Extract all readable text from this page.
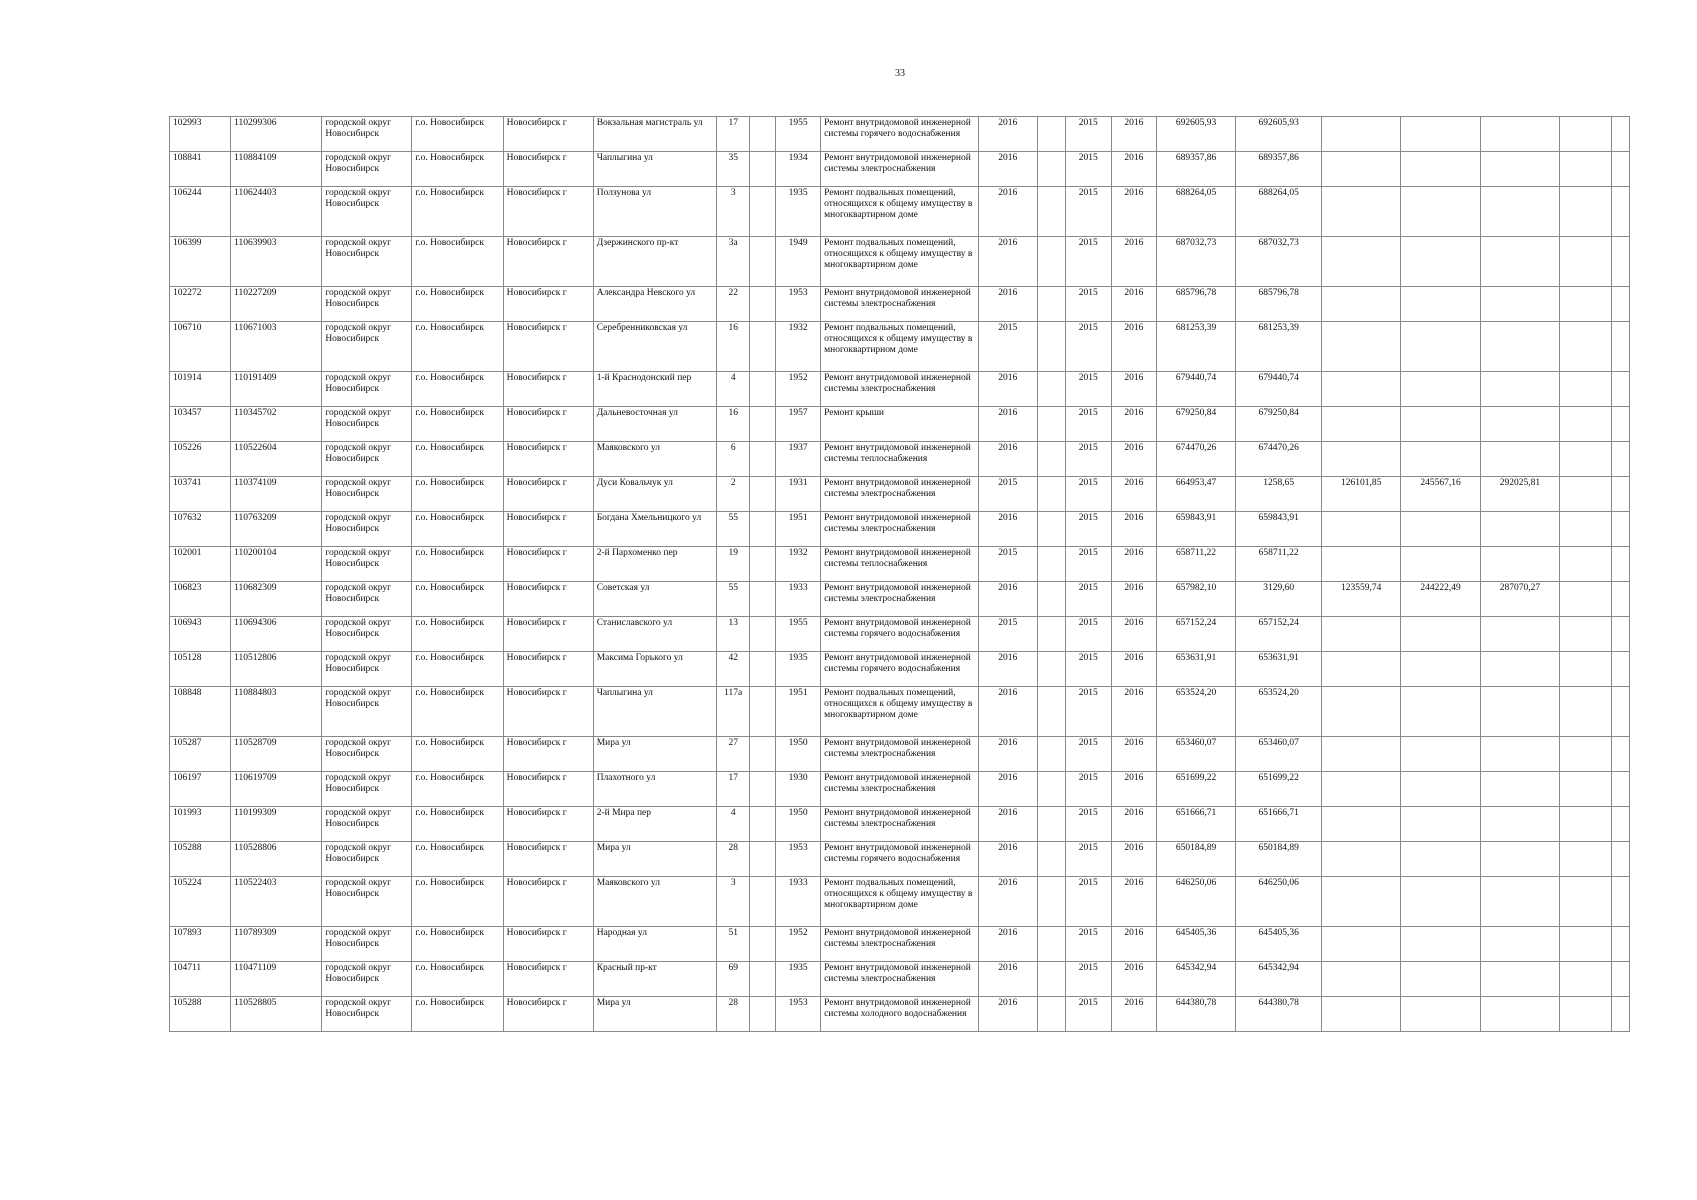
33
102993	110299306	городской округ Новосибирск	г.о. Новосибирск	Новосибирск г	Вокзальная магистраль ул	17		1955	Ремонт внутридомовой инженерной системы горячего водоснабжения	2016		2015	2016	692605,93	692605,93					
108841	110884109	городской округ Новосибирск	г.о. Новосибирск	Новосибирск г	Чаплыгина ул	35		1934	Ремонт внутридомовой инженерной системы электроснабжения	2016		2015	2016	689357,86	689357,86					
106244	110624403	городской округ Новосибирск	г.о. Новосибирск	Новосибирск г	Ползунова ул	3		1935	Ремонт подвальных помещений, относящихся к общему имуществу в многоквартирном доме	2016		2015	2016	688264,05	688264,05					
106399	110639903	городской округ Новосибирск	г.о. Новосибирск	Новосибирск г	Дзержинского пр-кт	3а		1949	Ремонт подвальных помещений, относящихся к общему имуществу в многоквартирном доме	2016		2015	2016	687032,73	687032,73					
102272	110227209	городской округ Новосибирск	г.о. Новосибирск	Новосибирск г	Александра Невского ул	22		1953	Ремонт внутридомовой инженерной системы электроснабжения	2016		2015	2016	685796,78	685796,78					
106710	110671003	городской округ Новосибирск	г.о. Новосибирск	Новосибирск г	Серебренниковская ул	16		1932	Ремонт подвальных помещений, относящихся к общему имуществу в многоквартирном доме	2015		2015	2016	681253,39	681253,39					
101914	110191409	городской округ Новосибирск	г.о. Новосибирск	Новосибирск г	1-й Краснодонский пер	4		1952	Ремонт внутридомовой инженерной системы электроснабжения	2016		2015	2016	679440,74	679440,74					
103457	110345702	городской округ Новосибирск	г.о. Новосибирск	Новосибирск г	Дальневосточная ул	16		1957	Ремонт крыши	2016		2015	2016	679250,84	679250,84					
105226	110522604	городской округ Новосибирск	г.о. Новосибирск	Новосибирск г	Маяковского ул	6		1937	Ремонт внутридомовой инженерной системы теплоснабжения	2016		2015	2016	674470,26	674470,26					
103741	110374109	городской округ Новосибирск	г.о. Новосибирск	Новосибирск г	Дуси Ковальчук ул	2		1931	Ремонт внутридомовой инженерной системы электроснабжения	2015		2015	2016	664953,47	1258,65	126101,85	245567,16	292025,81		
107632	110763209	городской округ Новосибирск	г.о. Новосибирск	Новосибирск г	Богдана Хмельницкого ул	55		1951	Ремонт внутридомовой инженерной системы электроснабжения	2016		2015	2016	659843,91	659843,91					
102001	110200104	городской округ Новосибирск	г.о. Новосибирск	Новосибирск г	2-й Пархоменко пер	19		1932	Ремонт внутридомовой инженерной системы теплоснабжения	2015		2015	2016	658711,22	658711,22					
106823	110682309	городской округ Новосибирск	г.о. Новосибирск	Новосибирск г	Советская ул	55		1933	Ремонт внутридомовой инженерной системы электроснабжения	2016		2015	2016	657982,10	3129,60	123559,74	244222,49	287070,27		
106943	110694306	городской округ Новосибирск	г.о. Новосибирск	Новосибирск г	Станиславского ул	13		1955	Ремонт внутридомовой инженерной системы горячего водоснабжения	2015		2015	2016	657152,24	657152,24					
105128	110512806	городской округ Новосибирск	г.о. Новосибирск	Новосибирск г	Максима Горького ул	42		1935	Ремонт внутридомовой инженерной системы горячего водоснабжения	2016		2015	2016	653631,91	653631,91					
108848	110884803	городской округ Новосибирск	г.о. Новосибирск	Новосибирск г	Чаплыгина ул	117а		1951	Ремонт подвальных помещений, относящихся к общему имуществу в многоквартирном доме	2016		2015	2016	653524,20	653524,20					
105287	110528709	городской округ Новосибирск	г.о. Новосибирск	Новосибирск г	Мира ул	27		1950	Ремонт внутридомовой инженерной системы электроснабжения	2016		2015	2016	653460,07	653460,07					
106197	110619709	городской округ Новосибирск	г.о. Новосибирск	Новосибирск г	Плахотного ул	17		1930	Ремонт внутридомовой инженерной системы электроснабжения	2016		2015	2016	651699,22	651699,22					
101993	110199309	городской округ Новосибирск	г.о. Новосибирск	Новосибирск г	2-й Мира пер	4		1950	Ремонт внутридомовой инженерной системы электроснабжения	2016		2015	2016	651666,71	651666,71					
105288	110528806	городской округ Новосибирск	г.о. Новосибирск	Новосибирск г	Мира ул	28		1953	Ремонт внутридомовой инженерной системы горячего водоснабжения	2016		2015	2016	650184,89	650184,89					
105224	110522403	городской округ Новосибирск	г.о. Новосибирск	Новосибирск г	Маяковского ул	3		1933	Ремонт подвальных помещений, относящихся к общему имуществу в многоквартирном доме	2016		2015	2016	646250,06	646250,06					
107893	110789309	городской округ Новосибирск	г.о. Новосибирск	Новосибирск г	Народная ул	51		1952	Ремонт внутридомовой инженерной системы электроснабжения	2016		2015	2016	645405,36	645405,36					
104711	110471109	городской округ Новосибирск	г.о. Новосибирск	Новосибирск г	Красный пр-кт	69		1935	Ремонт внутридомовой инженерной системы электроснабжения	2016		2015	2016	645342,94	645342,94					
105288	110528805	городской округ Новосибирск	г.о. Новосибирск	Новосибирск г	Мира ул	28		1953	Ремонт внутридомовой инженерной системы холодного водоснабжения	2016		2015	2016	644380,78	644380,78					
